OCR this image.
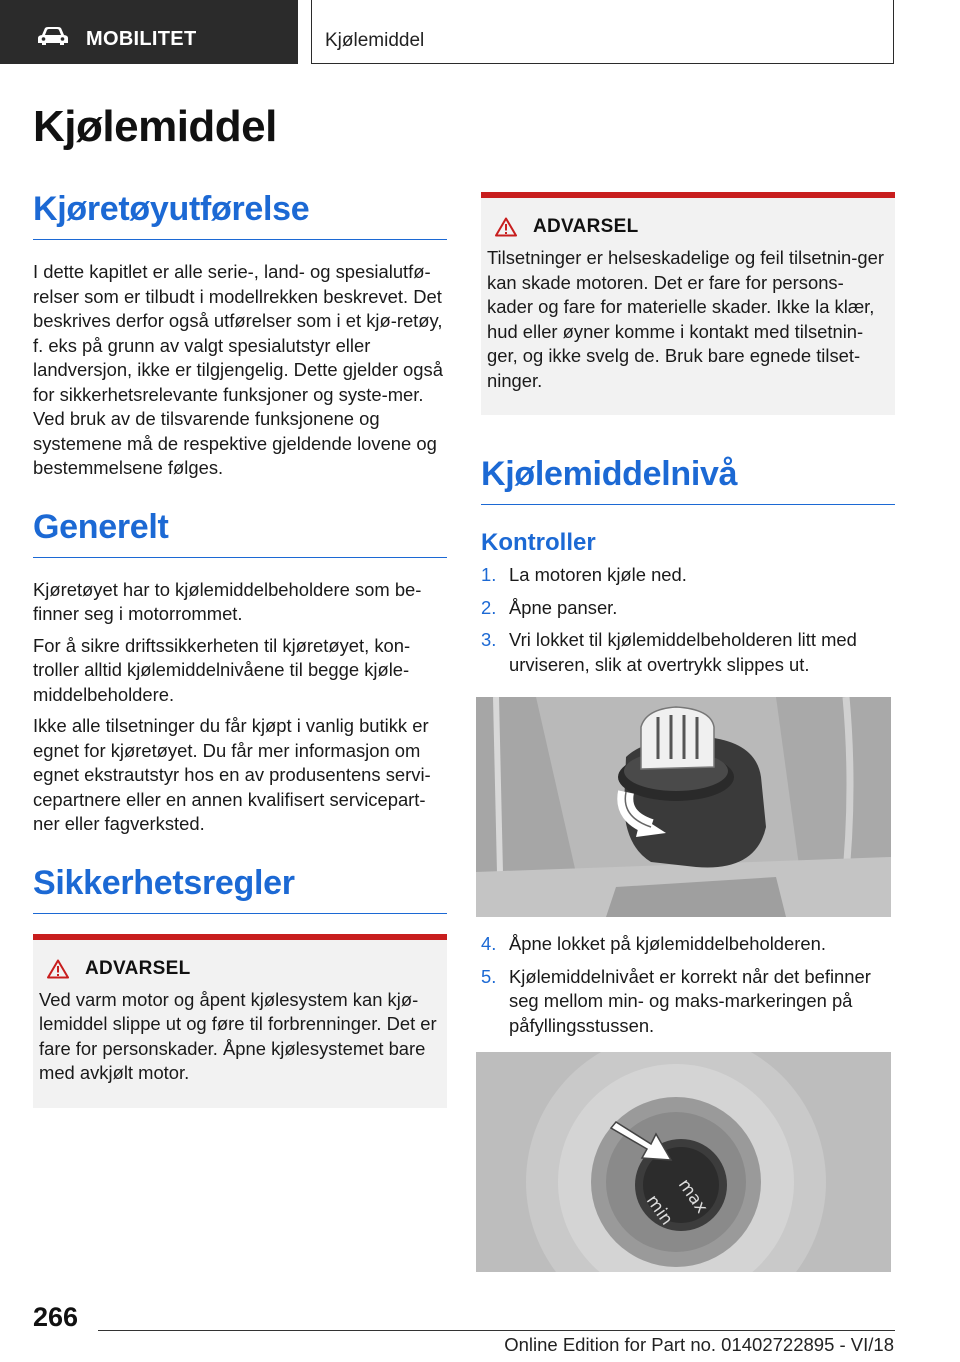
MOBILITET	Kjølemiddel
Kjølemiddel
Kjøretøyutførelse

I dette kapitlet er alle serie-, land- og spesialutfø‐relser som er tilbudt i modellrekken beskrevet. Det beskrives derfor også utførelser som i et kjø‐retøy, f. eks på grunn av valgt spesialutstyr eller landversjon, ikke er tilgjengelig. Dette gjelder også for sikkerhetsrelevante funksjoner og syste‐mer. Ved bruk av de tilsvarende funksjonene og systemene må de respektive gjeldende lovene og bestemmelsene følges.

Generelt

Kjøretøyet har to kjølemiddelbeholdere som be‐finner seg i motorrommet.

For å sikre driftssikkerheten til kjøretøyet, kon‐troller alltid kjølemiddelnivåene til begge kjøle‐middelbeholdere.

Ikke alle tilsetninger du får kjøpt i vanlig butikk er egnet for kjøretøyet. Du får mer informasjon om egnet ekstrautstyr hos en av produsentens servi‐cepartnere eller en annen kvalifisert servicepart‐ner eller fagverksted.

Sikkerhetsregler
ADVARSEL

Ved varm motor og åpent kjølesystem kan kjø‐lemiddel slippe ut og føre til forbrenninger. Det er fare for personskader. Åpne kjølesystemet bare med avkjølt motor.

ADVARSEL

Tilsetninger er helseskadelige og feil tilsetnin‐ger kan skade motoren. Det er fare for persons‐kader og fare for materielle skader. Ikke la klær, hud eller øyner komme i kontakt med tilsetnin‐ger, og ikke svelg de. Bruk bare egnede tilset‐ninger.

Kjølemiddelnivå
Kontroller
1. La motoren kjøle ned.
2. Åpne panser.
3. Vri lokket til kjølemiddelbeholderen litt med urviseren, slik at overtrykk slippes ut.
4. Åpne lokket på kjølemiddelbeholderen.
5. Kjølemiddelnivået er korrekt når det befinner seg mellom min- og maks-markeringen på påfyllingsstussen.
max
min
266
Online Edition for Part no. 01402722895 - VI/18
